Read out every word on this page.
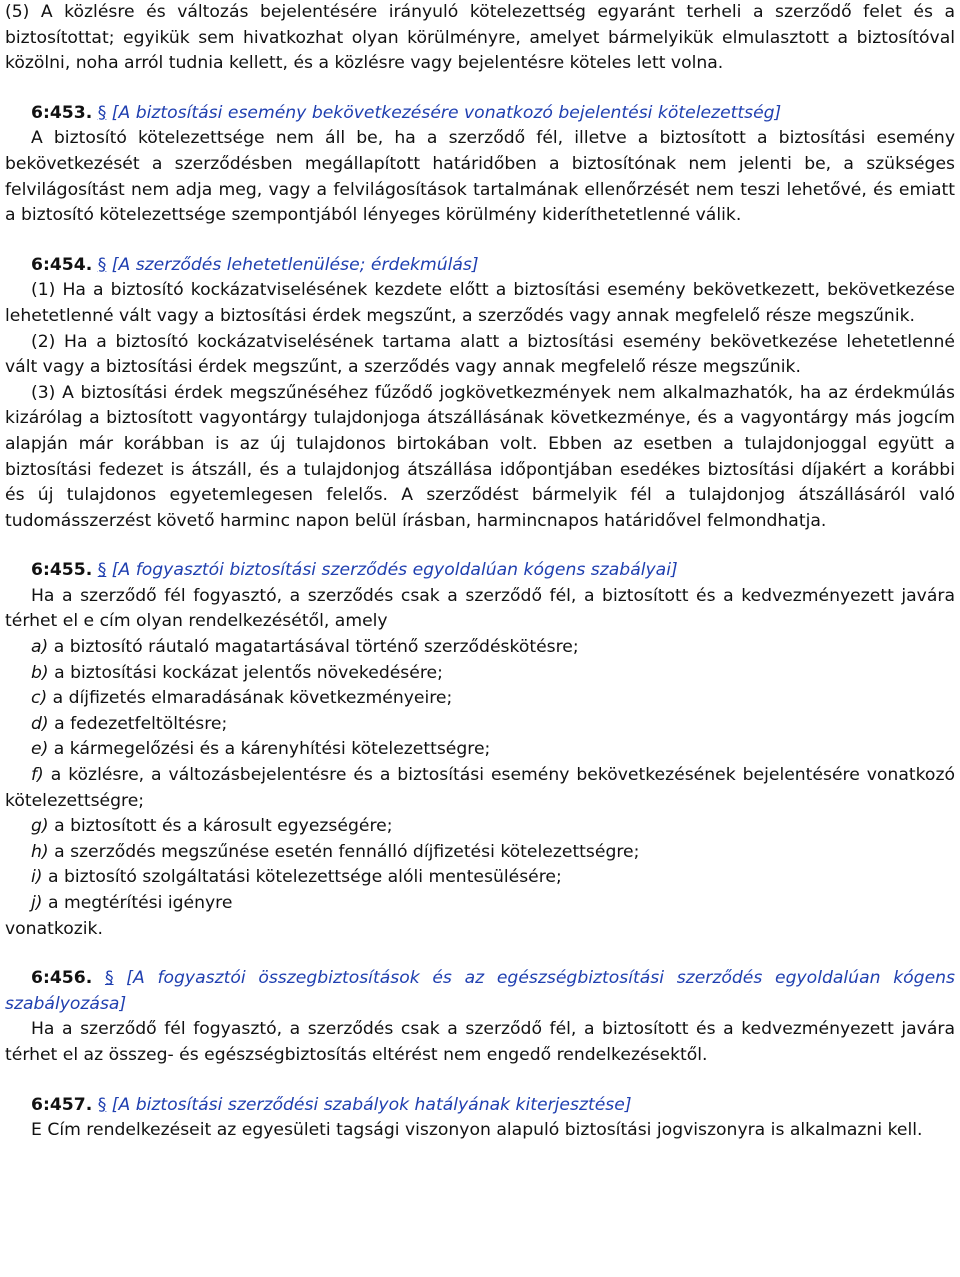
(5) A közlésre és változás bejelentésére irányuló kötelezettség egyaránt terheli a szerződő felet és a biztosítottat; egyikük sem hivatkozhat olyan körülményre, amelyet bármelyikük elmulasztott a biztosítóval közölni, noha arról tudnia kellett, és a közlésre vagy bejelentésre köteles lett volna.

6:453. § [A biztosítási esemény bekövetkezésére vonatkozó bejelentési kötelezettség]

A biztosító kötelezettsége nem áll be, ha a szerződő fél, illetve a biztosított a biztosítási esemény bekövetkezését a szerződésben megállapított határidőben a biztosítónak nem jelenti be, a szükséges felvilágosítást nem adja meg, vagy a felvilágosítások tartalmának ellenőrzését nem teszi lehetővé, és emiatt a biztosító kötelezettsége szempontjából lényeges körülmény kideríthetetlenné válik.

6:454. § [A szerződés lehetetlenülése; érdekmúlás]

(1) Ha a biztosító kockázatviselésének kezdete előtt a biztosítási esemény bekövetkezett, bekövetkezése lehetetlenné vált vagy a biztosítási érdek megszűnt, a szerződés vagy annak megfelelő része megszűnik.

(2) Ha a biztosító kockázatviselésének tartama alatt a biztosítási esemény bekövetkezése lehetetlenné vált vagy a biztosítási érdek megszűnt, a szerződés vagy annak megfelelő része megszűnik.

(3) A biztosítási érdek megszűnéséhez fűződő jogkövetkezmények nem alkalmazhatók, ha az érdekmúlás kizárólag a biztosított vagyontárgy tulajdonjoga átszállásának következménye, és a vagyontárgy más jogcím alapján már korábban is az új tulajdonos birtokában volt. Ebben az esetben a tulajdonjoggal együtt a biztosítási fedezet is átszáll, és a tulajdonjog átszállása időpontjában esedékes biztosítási díjakért a korábbi és új tulajdonos egyetemlegesen felelős. A szerződést bármelyik fél a tulajdonjog átszállásáról való tudomásszerzést követő harminc napon belül írásban, harmincnapos határidővel felmondhatja.

6:455. § [A fogyasztói biztosítási szerződés egyoldalúan kógens szabályai]

Ha a szerződő fél fogyasztó, a szerződés csak a szerződő fél, a biztosított és a kedvezményezett javára térhet el e cím olyan rendelkezésétől, amely

a) a biztosító ráutaló magatartásával történő szerződéskötésre;

b) a biztosítási kockázat jelentős növekedésére;

c) a díjfizetés elmaradásának következményeire;

d) a fedezetfeltöltésre;

e) a kármegelőzési és a kárenyhítési kötelezettségre;

f) a közlésre, a változásbejelentésre és a biztosítási esemény bekövetkezésének bejelentésére vonatkozó kötelezettségre;

g) a biztosított és a károsult egyezségére;

h) a szerződés megszűnése esetén fennálló díjfizetési kötelezettségre;

i) a biztosító szolgáltatási kötelezettsége alóli mentesülésére;

j) a megtérítési igényre

vonatkozik.

6:456. § [A fogyasztói összegbiztosítások és az egészségbiztosítási szerződés egyoldalúan kógens szabályozása]

Ha a szerződő fél fogyasztó, a szerződés csak a szerződő fél, a biztosított és a kedvezményezett javára térhet el az összeg- és egészségbiztosítás eltérést nem engedő rendelkezésektől.

6:457. § [A biztosítási szerződési szabályok hatályának kiterjesztése]

E Cím rendelkezéseit az egyesületi tagsági viszonyon alapuló biztosítási jogviszonyra is alkalmazni kell.
